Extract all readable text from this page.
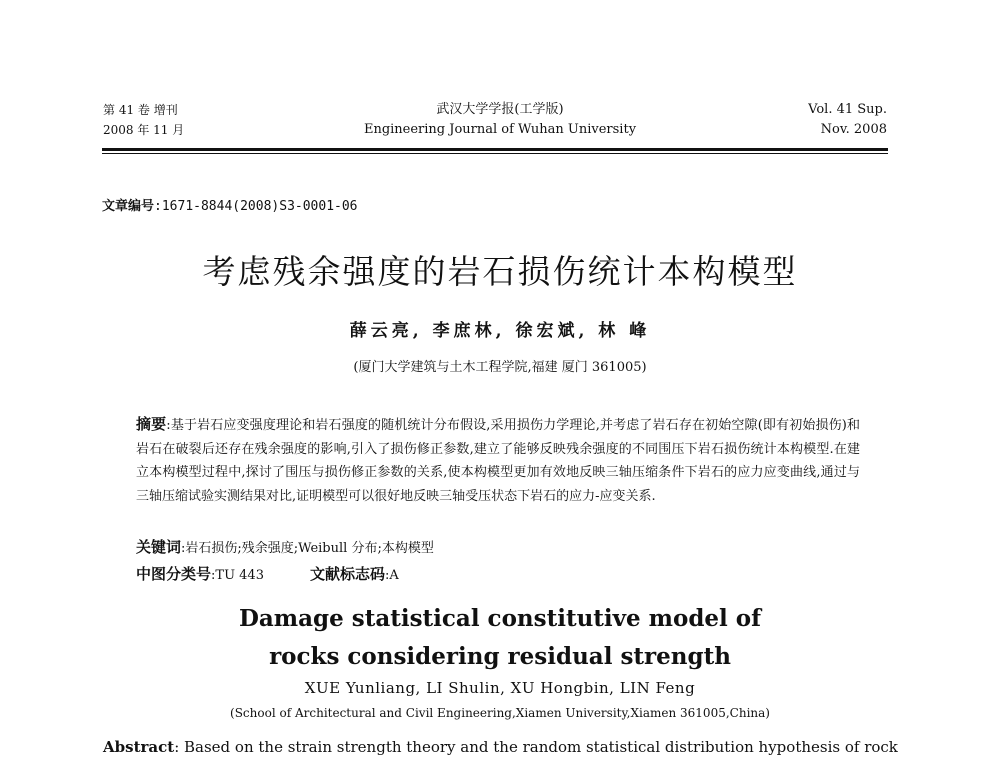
第 41 卷 增刊
2008 年 11 月
武汉大学学报(工学版)
Engineering Journal of Wuhan University
Vol. 41 Sup.
Nov. 2008
文章编号:1671-8844(2008)S3-0001-06
考虑残余强度的岩石损伤统计本构模型
薛云亮, 李庶林, 徐宏斌, 林 峰
(厦门大学建筑与土木工程学院,福建 厦门 361005)
摘要:基于岩石应变强度理论和岩石强度的随机统计分布假设,采用损伤力学理论,并考虑了岩石存在初始空隙(即有初始损伤)和岩石在破裂后还存在残余强度的影响,引入了损伤修正参数,建立了能够反映残余强度的不同围压下岩石损伤统计本构模型.在建立本构模型过程中,探讨了围压与损伤修正参数的关系,使本构模型更加有效地反映三轴压缩条件下岩石的应力应变曲线,通过与三轴压缩试验实测结果对比,证明模型可以很好地反映三轴受压状态下岩石的应力-应变关系.
关键词:岩石损伤;残余强度;Weibull 分布;本构模型
中图分类号:TU 443	文献标志码:A
Damage statistical constitutive model of
rocks considering residual strength
XUE Yunliang, LI Shulin, XU Hongbin, LIN Feng
(School of Architectural and Civil Engineering,Xiamen University,Xiamen 361005,China)
Abstract: Based on the strain strength theory and the random statistical distribution hypothesis of rock
